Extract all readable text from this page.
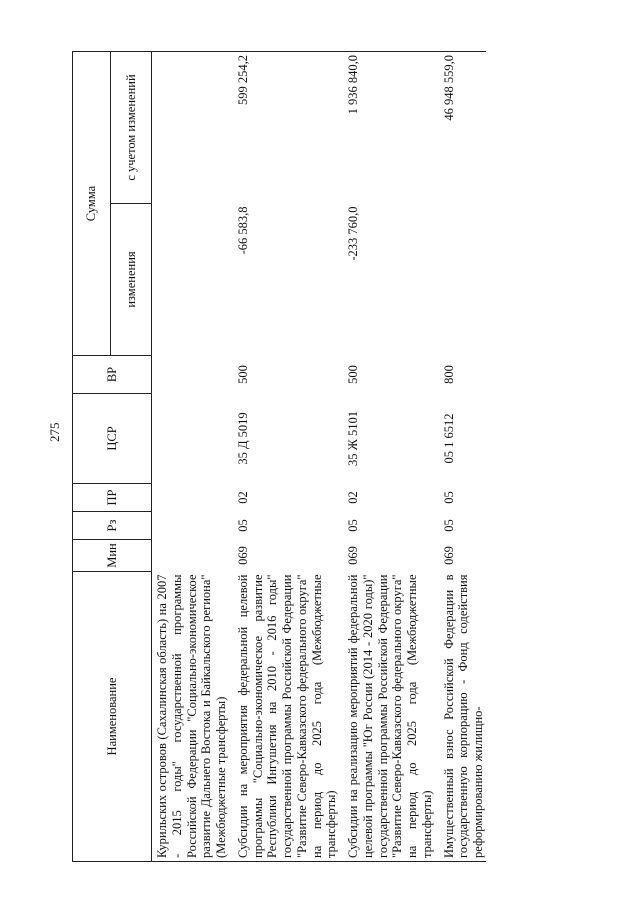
275
Наименование	Мин	Рз	ПР	ЦСР	ВР	Сумма	
						изменения	с учетом изменений
Курильских островов (Сахалинская область) на 2007 - 2015 годы" государственной программы Российской Федерации "Социально-экономическое развитие Дальнего Востока и Байкальского региона" (Межбюджетные трансферты)							
Субсидии на мероприятия федеральной целевой программы "Социально-экономическое развитие Республики Ингушетия на 2010 - 2016 годы" государственной программы Российской Федерации "Развитие Северо-Кавказского федерального округа" на период до 2025 года (Межбюджетные трансферты)	069	05	02	35 Д 5019	500	-66 583,8	599 254,2
Субсидии на реализацию мероприятий федеральной целевой программы "Юг России (2014 - 2020 годы)" государственной программы Российской Федерации "Развитие Северо-Кавказского федерального округа" на период до 2025 года (Межбюджетные трансферты)	069	05	02	35 Ж 5101	500	-233 760,0	1 936 840,0
Имущественный взнос Российской Федерации в государственную корпорацию - Фонд содействия реформированию жилищно-	069	05	05	05 1 6512	800		46 948 559,0
